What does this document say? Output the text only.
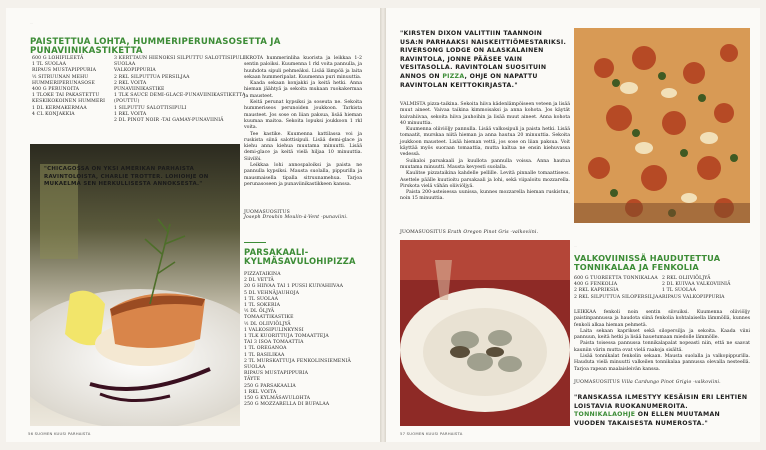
···
PAISTETTUA LOHTA, HUMMERIPERUNASOSETTA JA PUNAVIINIKASTIKETTA
600 G LOHIFILEETÄ
1 TL SUOLAA
RIPAUS MUSTAPIPPURIA
½ SITRUUNAN MEHU
HUMMERIPERUNASOSE
400 G PERUNOITA
1 TLOKE TAI PAKASTETTU
KESKIKOKOINEN HUMMERI
1 DL KERMAKERMAA
4 CL KONJAKKIA
3 KERTTAUN HIENOKSI SILPUTTU SALOTTISIPULI
SUOLAA
VALKOPIPPURIA
2 RKL SILPUTTUA PERSILJAA
2 RKL VOITA
PUNAVIINIKASTIKE
1 TLK SAUCE DEMI-GLACE-PUNAVIINIKASTIKETTA
(POUTTU)
1 SILPUTTU SALOTTISIPULI
1 RKL VOITA
2 DL PINOT NOIR -TAI GAMAY-PUNAVIINIÄ

IKROTA hummerinliha kuorista ja leikkaa 1-2 sentin paloiksi. Kuumenna 1 rkl voita pannulla, ja huuhdota sipuli pehmeäksi. Lisää lämpöä ja laita sekaan hummeripalat. Kuumenna puri minuuttia.

Kaada sekaan konjakki ja keitä hetki. Anna hieman jäähtyä ja sekoita mukaan ruokakermaa ja mausteet.

Keitä perunat kypsiksi ja soseuta ne. Sekoita hummeriseos perunoiden joukkoon. Tarkista mausteet. Jos sose on liian paksua, lisää hieman kuumaa maitoa. Sekoita lopuksi joukkoon 1 rkl voita.

Tee kastike. Kuumenna kattilassa voi ja ruskista siinä salottisipuli. Lisää demi-glace ja kiehu anna kiehua muutama minuutti. Lisää demi-glace ja keitä vielä hiljaa 10 minuuttia. Siivilöi.

Leikkaa lohi annospaloiksi ja paista ne pannulla kypsiksi. Mausta suolalla, pippurilla ja mausmaisella tipalla sitruunamehua. Tarjoa perunasoseen ja punaviinikastikkeen kanssa.

JUOMASUOSITUS
Joseph Drouhin Moulin-à-Vent -punaviini.
"CHICAGOSSA ON YKSI AMERIKAN PARHAISTA RAVINTOLOISTA, CHARLIE TROTTER. LOHIOHJE ON MUKAELMA SEN HERKULLISESTA ANNOKSESTA."
PARSAKAALI-KYLMÄSAVULOHIPIZZA
PIZZATAIKINA
2 DL VETTÄ
20 G HIIVAA TAI 1 PUSSI KUIVAHIIVAA
5 DL VEHNÄJAUHOJA
1 TL SUOLAA
1 TL SOKERIA
½ DL ÖLJYÄ
TOMAATTIKASTIKE
½ DL OLIIVIÖLJYÄ
1 VALKOSIPULINKYNSI
1 TLK KUORITTUJA TOMAATTEJA
TAI 3 ISOA TOMAATTIA
1 TL OREGANOA
1 TL BASILIKAA
2 TL MURSKATTUJA FENKOLINSIEMENIÄ
SUOLAA
RIPAUS MUSTAPIPPURIA
TÄYTE
250 G PARSAKAALIA
1 RKL VOITA
150 G KYLMÄSAVULOHTA
250 G MOZZARELLA DI BUFALAA
56 SUOMEN KUUSI PARHAISTA
"KIRSTEN DIXON VALITTIIN TAANNOIN USA:N PARHAAKSI NAISKEITTIÖMESTARIKSI. RIVERSONG LODGE ON ALASKALAINEN RAVINTOLA, JONNE PÄÄSEE VAIN VESITASOLLA. RAVINTOLAN SUOSITUIN ANNOS ON PIZZA, OHJE ON NAPATTU RAVINTOLAN KEITTOKIRJASTA."

VALMISTA pizza-taikina. Sekoita hiiva kädenlämpöiseen veteen ja lisää muut aineet. Vaivaa taikina kimmoisaksi ja anna kohota. Jos käytät kuivahiivaa, sekoita hiiva jauhoihin ja lisää muut aineet. Anna kohota 40 minuuttia.

Kuumenna oliiviöljy pannulla. Lisää valkosipuli ja paista hetki. Lisää tomaatit, murskaa niitä hieman ja anna hautua 20 minuuttia. Sekoita joukkoon mausteet. Lisää hieman vettä, jos sose on liian paksua. Voit käyttää myös suoraan tomaattia, mutta kaltua ne ensin kiehuvassa vedessä.

Suikaloi parsakaali ja kuullota pannulla voissa. Anna hautua muutama minuutti. Mausta kevyesti suolalla.

Kaulitse pizzataikina kahdelle pellille. Levitä pinnalle tomaattiseos. Asettele päälle kuutioitu parsakaali ja lohi, sekä viipaloitu mozzarella. Pirskota vielä vähän oliiviöljyä.

Paista 200-asteisessa uunissa, kunnes mozzarella hieman ruskistuu, noin 15 minuuttia.

JUOMASUOSITUS Erath Oregon Pinot Gris -valkoviini.
···
VALKOVIINISSÄ HAUDUTETTUA TONNIKALAA JA FENKOLIA
600 G TUOREETTA TONNIKALAA
400 G FENKOLIA
2 RKL KAPRIKSIA
2 RKL SILPUTTUA SILOPERSILJAA
2 RKL OLIIVIÖLJYÄ
2 DL KUIVAA VALKOVIINIÄ
1 TL SUOLAA
RIPAUS VALKOPIPPURIA

LEIKKAA fenkoli noin sentin siivuiksi. Kuumenna oliiviöljy paistinpannussa ja haudota siinä fenkolia kohtalaisella lämmöllä, kunnes fenkoli alkaa hieman pehmetä.

Laita sekaan kaprikset sekä silopersilja ja sekoita. Kaada viini pannuun, keitä hetki ja lisää hauetumaan miedolle lämmölle.

Paista toisessa pannussa tonnikalapalat nopeasti niin, että ne saavat kauniin värin mutta ovat vielä raakoja sisältä.

Lisää tonnikalat fenkolin sekaan. Mausta suolalla ja valkopippurilla. Hauduta vielä minuutti valkeilen tonnikalaa pannussa olevalla nesteellä. Tarjoa rapean maalaisleivän kanssa.

JUOMASUOSITUS Villa Cardungo Pinot Grigio -valkoviini.
"RANSKASSA ILMESTYY KESÄISIN ERI LEHTIEN LOISTAVIA RUOKANUMEROITA. TONNIKALAOHJE ON ELLEN MUUTAMAN VUODEN TAKAISESTA NUMEROSTA."
57 SUOMEN KUUSI PARHAISTA
